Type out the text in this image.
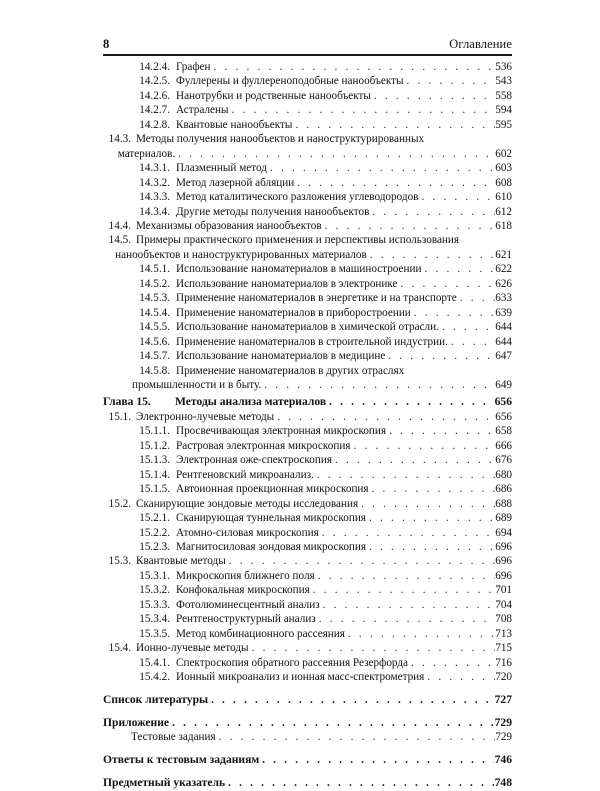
8	Оглавление
14.2.4. Графен . . .	536
14.2.5. Фуллерены и фуллереноподобные нанообъекты . . .	543
14.2.6. Нанотрубки и родственные нанообъекты . . .	558
14.2.7. Астралены . . .	594
14.2.8. Квантовые нанообъекты . . .	595
14.3. Методы получения нанообъектов и наноструктурированных
материалов. . . .	602
14.3.1. Плазменный метод . . .	603
14.3.2. Метод лазерной абляции . . .	608
14.3.3. Метод каталитического разложения углеводородов . . .	610
14.3.4. Другие методы получения нанообъектов . . .	612
14.4. Механизмы образования нанообъектов . . .	618
14.5. Примеры практического применения и перспективы использования
нанообъектов и наноструктурированных материалов . . .	621
14.5.1. Использование наноматериалов в машиностроении . . .	622
14.5.2. Использование наноматериалов в электронике . . .	626
14.5.3. Применение наноматериалов в энергетике и на транспорте . . .	633
14.5.4. Применение наноматериалов в приборостроении . . .	639
14.5.5. Использование наноматериалов в химической отрасли. . . .	644
14.5.6. Применение наноматериалов в строительной индустрии. . . .	644
14.5.7. Использование наноматериалов в медицине . . .	647
14.5.8. Применение наноматериалов в других отраслях
промышленности и в быту. . . .	649
Глава 15.	Методы анализа материалов . . .	656
15.1. Электронно-лучевые методы . . .	656
15.1.1. Просвечивающая электронная микроскопия . . .	658
15.1.2. Растровая электронная микроскопия . . .	666
15.1.3. Электронная оже-спектроскопия . . .	676
15.1.4. Рентгеновский микроанализ. . . .	680
15.1.5. Автоионная проекционная микроскопия . . .	686
15.2. Сканирующие зондовые методы исследования . . .	688
15.2.1. Сканирующая туннельная микроскопия . . .	689
15.2.2. Атомно-силовая микроскопия . . .	694
15.2.3. Магнитосиловая зондовая микроскопия . . .	696
15.3. Квантовые методы . . .	696
15.3.1. Микроскопия ближнего поля . . .	696
15.3.2. Конфокальная микроскопия . . .	701
15.3.3. Фотолюминесцентный анализ . . .	704
15.3.4. Рентгеноструктурный анализ . . .	708
15.3.5. Метод комбинационного рассеяния . . .	713
15.4. Ионно-лучевые методы . . .	715
15.4.1. Спектроскопия обратного рассеяния Резерфорда . . .	716
15.4.2. Ионный микроанализ и ионная масс-спектрометрия . . .	720
Список литературы . . .	727
Приложение . . .	729
Тестовые задания . . .	729
Ответы к тестовым заданиям . . .	746
Предметный указатель . . .	748
